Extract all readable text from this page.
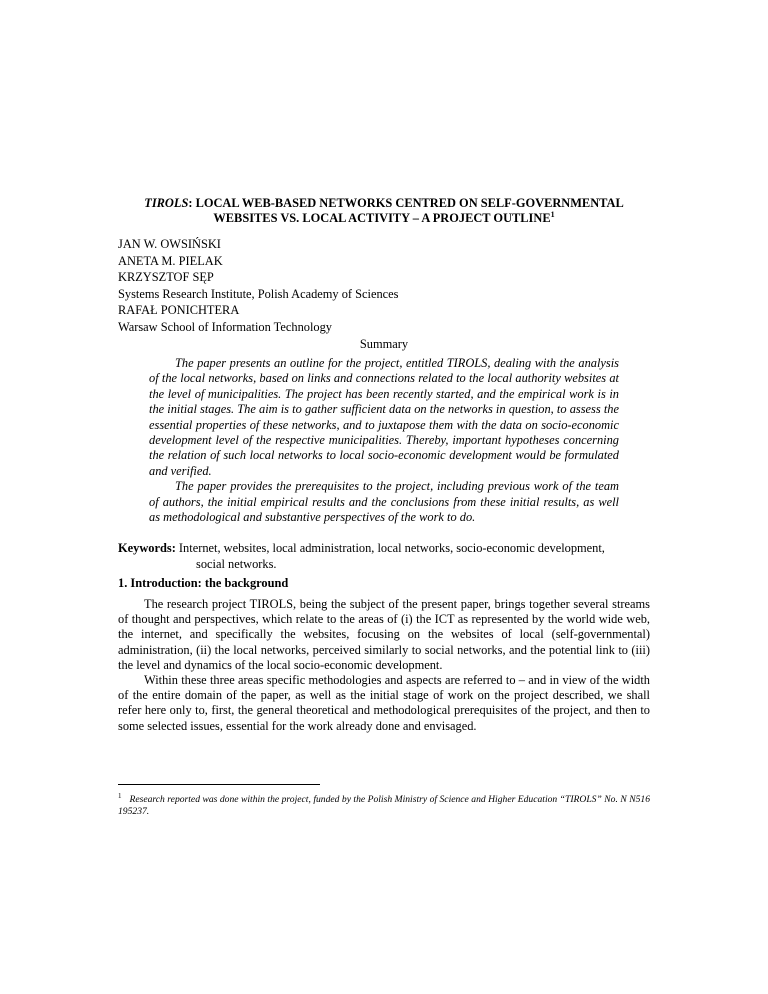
TIROLS: LOCAL WEB-BASED NETWORKS CENTRED ON SELF-GOVERNMENTAL WEBSITES VS. LOCAL ACTIVITY – A PROJECT OUTLINE$^1$
JAN W. OWSIŃSKI
ANETA M. PIELAK
KRZYSZTOF SĘP
Systems Research Institute, Polish Academy of Sciences
RAFAŁ PONICHTERA
Warsaw School of Information Technology
Summary

The paper presents an outline for the project, entitled TIROLS, dealing with the analysis of the local networks, based on links and connections related to the local authority websites at the level of municipalities. The project has been recently started, and the empirical work is in the initial stages. The aim is to gather sufficient data on the networks in question, to assess the essential properties of these networks, and to juxtapose them with the data on socio-economic development level of the respective municipalities. Thereby, important hypotheses concerning the relation of such local networks to local socio-economic development would be formulated and verified.

The paper provides the prerequisites to the project, including previous work of the team of authors, the initial empirical results and the conclusions from these initial results, as well as methodological and substantive perspectives of the work to do.

Keywords: Internet, websites, local administration, local networks, socio-economic development,
social networks.
1. Introduction: the background

The research project TIROLS, being the subject of the present paper, brings together several streams of thought and perspectives, which relate to the areas of (i) the ICT as represented by the world wide web, the internet, and specifically the websites, focusing on the websites of local (self-governmental) administration, (ii) the local networks, perceived similarly to social networks, and the potential link to (iii) the level and dynamics of the local socio-economic development.

Within these three areas specific methodologies and aspects are referred to – and in view of the width of the entire domain of the paper, as well as the initial stage of work on the project described, we shall refer here only to, first, the general theoretical and methodological prerequisites of the project, and then to some selected issues, essential for the work already done and envisaged.

$^1$ Research reported was done within the project, funded by the Polish Ministry of Science and Higher Education “TIROLS” No. N N516 195237.
